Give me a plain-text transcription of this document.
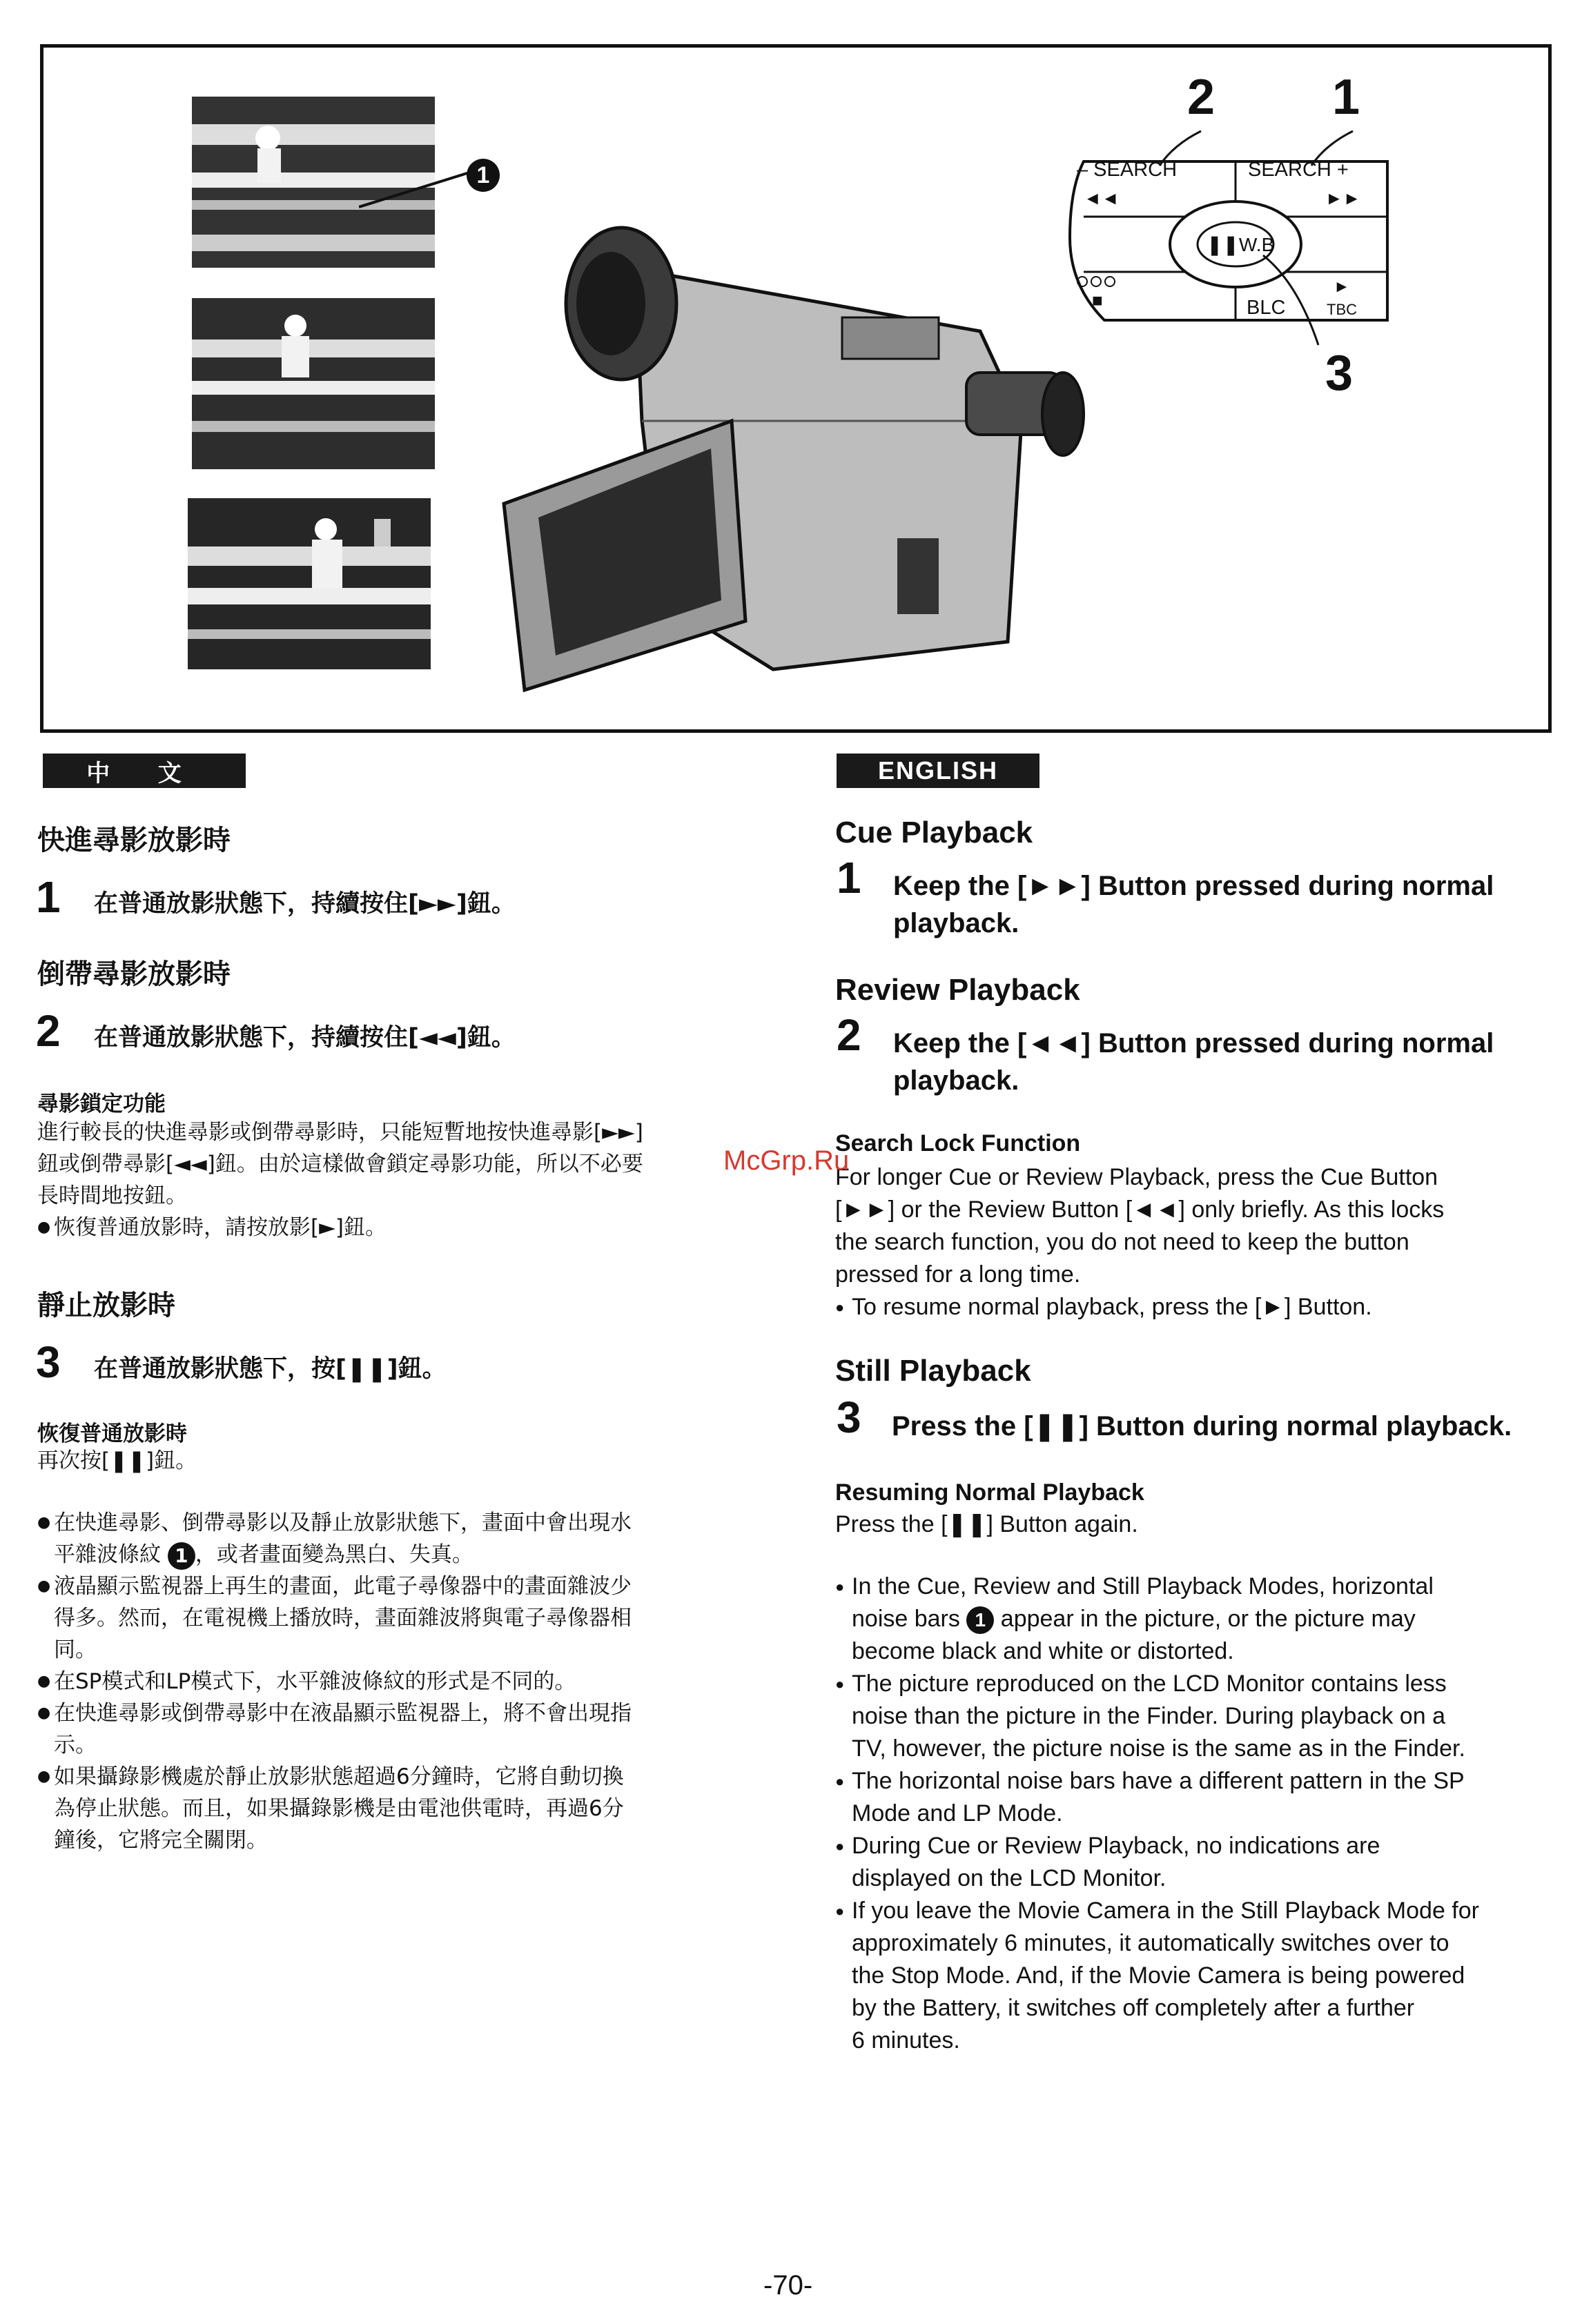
1	– SEARCH	SEARCH +
◄◄	►►
❚❚W.B
■	BLC
►
TBC
2 1
3
中 文
快進尋影放影時
1 在普通放影狀態下，持續按住[►►]鈕。
倒帶尋影放影時
2 在普通放影狀態下，持續按住[◄◄]鈕。
尋影鎖定功能
進行較長的快進尋影或倒帶尋影時，只能短暫地按快進尋影[►►]
鈕或倒帶尋影[◄◄]鈕。由於這樣做會鎖定尋影功能，所以不必要
長時間地按鈕。
● 恢復普通放影時，請按放影[►]鈕。
靜止放影時
3 在普通放影狀態下，按[❚❚]鈕。
恢復普通放影時
再次按[❚❚]鈕。
● 在快進尋影、倒帶尋影以及靜止放影狀態下，畫面中會出現水
平雜波條紋 1 ，或者畫面變為黑白、失真。
● 液晶顯示監視器上再生的畫面，此電子尋像器中的畫面雜波少
得多。然而，在電視機上播放時，畫面雜波將與電子尋像器相
同。
● 在SP模式和LP模式下，水平雜波條紋的形式是不同的。
● 在快進尋影或倒帶尋影中在液晶顯示監視器上，將不會出現指
示。
● 如果攝錄影機處於靜止放影狀態超過6分鐘時，它將自動切換
為停止狀態。而且，如果攝錄影機是由電池供電時，再過6分
鐘後，它將完全關閉。
ENGLISH
Cue Playback
1 Keep the [►►] Button pressed during normal
playback.
Review Playback
2 Keep the [◄◄] Button pressed during normal
playback.
Search Lock Function
For longer Cue or Review Playback, press the Cue Button
[►►] or the Review Button [◄◄] only briefly. As this locks
the search function, you do not need to keep the button
pressed for a long time.
● To resume normal playback, press the [►] Button.
Still Playback
3 Press the [❚❚] Button during normal playback.
Resuming Normal Playback
Press the [❚❚] Button again.
● In the Cue, Review and Still Playback Modes, horizontal
noise bars 1 appear in the picture, or the picture may
become black and white or distorted.
● The picture reproduced on the LCD Monitor contains less
noise than the picture in the Finder. During playback on a
TV, however, the picture noise is the same as in the Finder.
● The horizontal noise bars have a different pattern in the SP
Mode and LP Mode.
● During Cue or Review Playback, no indications are
displayed on the LCD Monitor.
● If you leave the Movie Camera in the Still Playback Mode for
approximately 6 minutes, it automatically switches over to
the Stop Mode. And, if the Movie Camera is being powered
by the Battery, it switches off completely after a further
6 minutes.
McGrp.Ru
-70-
